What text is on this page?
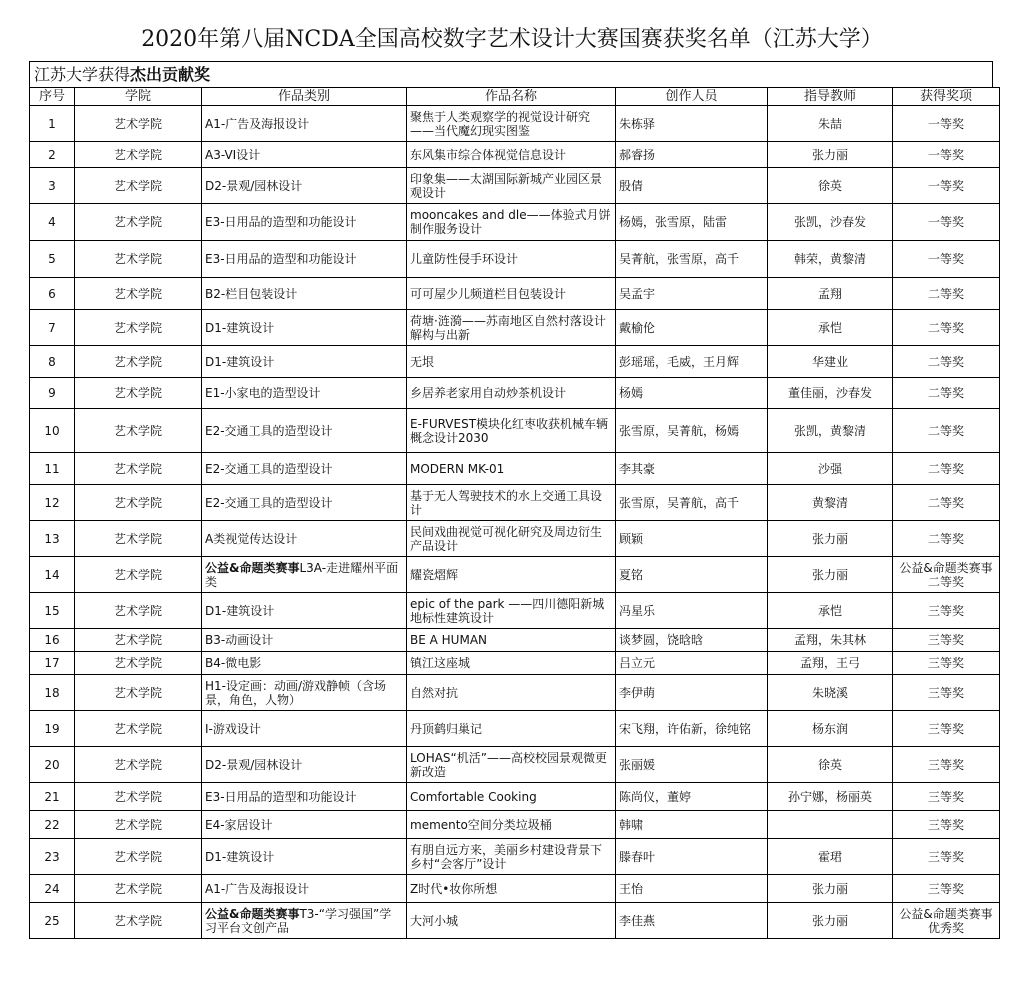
2020年第八届NCDA全国高校数字艺术设计大赛国赛获奖名单（江苏大学）
江苏大学获得杰出贡献奖
序号	学院	作品类别	作品名称	创作人员	指导教师	获得奖项
1	艺术学院	A1-广告及海报设计	聚焦于人类观察学的视觉设计研究——当代魔幻现实图鉴	朱栋驿	朱喆	一等奖
2	艺术学院	A3-VI设计	东风集市综合体视觉信息设计	郝睿扬	张力丽	一等奖
3	艺术学院	D2-景观/园林设计	印象集——太湖国际新城产业园区景观设计	殷倩	徐英	一等奖
4	艺术学院	E3-日用品的造型和功能设计	mooncakes and dle——体验式月饼制作服务设计	杨嫣，张雪原，陆雷	张凯，沙春发	一等奖
5	艺术学院	E3-日用品的造型和功能设计	儿童防性侵手环设计	吴菁航，张雪原，高千	韩荣，黄黎清	一等奖
6	艺术学院	B2-栏目包装设计	可可屋少儿频道栏目包装设计	吴孟宇	孟翔	二等奖
7	艺术学院	D1-建筑设计	荷塘·涟漪——苏南地区自然村落设计解构与出新	戴榆伦	承恺	二等奖
8	艺术学院	D1-建筑设计	无垠	彭瑶瑶，毛威，王月辉	华建业	二等奖
9	艺术学院	E1-小家电的造型设计	乡居养老家用自动炒茶机设计	杨嫣	董佳丽，沙春发	二等奖
10	艺术学院	E2-交通工具的造型设计	E-FURVEST模块化红枣收获机械车辆概念设计2030	张雪原，吴菁航，杨嫣	张凯，黄黎清	二等奖
11	艺术学院	E2-交通工具的造型设计	MODERN MK-01	李其豪	沙强	二等奖
12	艺术学院	E2-交通工具的造型设计	基于无人驾驶技术的水上交通工具设计	张雪原，吴菁航，高千	黄黎清	二等奖
13	艺术学院	A类视觉传达设计	民间戏曲视觉可视化研究及周边衍生产品设计	顾颖	张力丽	二等奖
14	艺术学院	公益&命题类赛事L3A-走进耀州平面类	耀瓷熠辉	夏铭	张力丽	公益&命题类赛事二等奖
15	艺术学院	D1-建筑设计	epic of the park ——四川德阳新城地标性建筑设计	冯星乐	承恺	三等奖
16	艺术学院	B3-动画设计	BE A HUMAN	谈梦圆，饶晗晗	孟翔，朱其林	三等奖
17	艺术学院	B4-微电影	镇江这座城	吕立元	孟翔，王弓	三等奖
18	艺术学院	H1-设定画：动画/游戏静帧（含场景，角色，人物）	自然对抗	李伊萌	朱晓溪	三等奖
19	艺术学院	I-游戏设计	丹顶鹤归巢记	宋飞翔，许佑新，徐纯铭	杨东润	三等奖
20	艺术学院	D2-景观/园林设计	LOHAS“机活”——高校校园景观微更新改造	张丽媛	徐英	三等奖
21	艺术学院	E3-日用品的造型和功能设计	Comfortable Cooking	陈尚仪，董婷	孙宁娜，杨丽英	三等奖
22	艺术学院	E4-家居设计	memento空间分类垃圾桶	韩啸		三等奖
23	艺术学院	D1-建筑设计	有朋自远方来，美丽乡村建设背景下乡村“会客厅”设计	滕春叶	霍珺	三等奖
24	艺术学院	A1-广告及海报设计	Z时代•妆你所想	王怡	张力丽	三等奖
25	艺术学院	公益&命题类赛事T3-“学习强国”学习平台文创产品	大河小城	李佳燕	张力丽	公益&命题类赛事优秀奖
